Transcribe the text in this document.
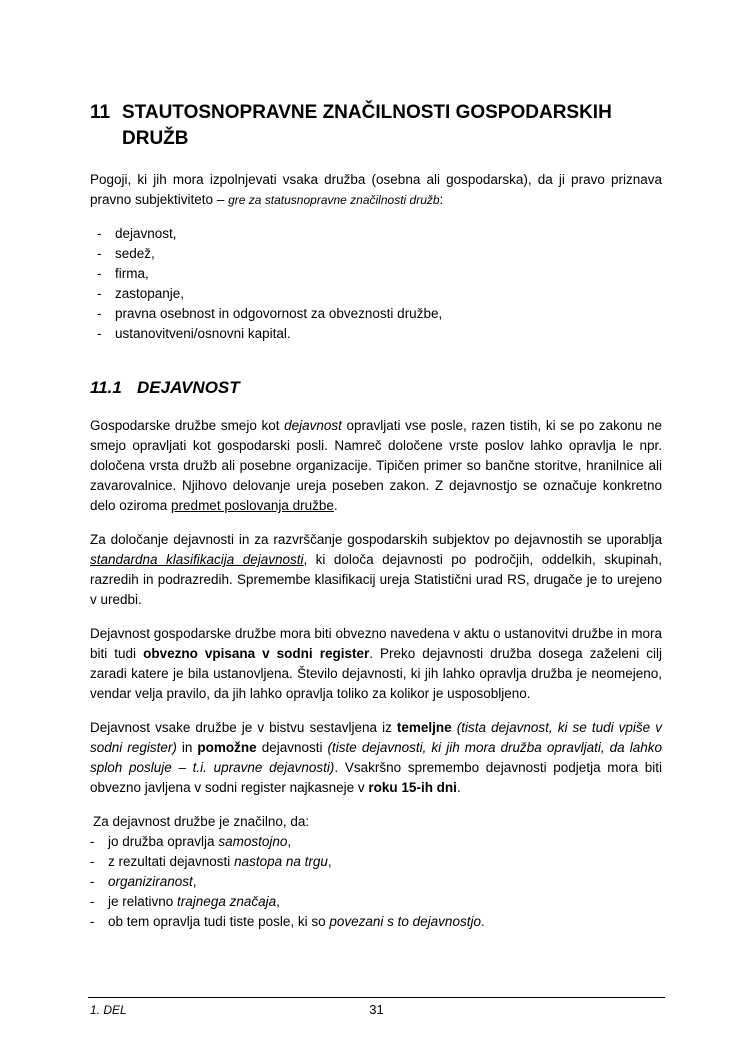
11 STAUTOSNOPRAVNE ZNAČILNOSTI GOSPODARSKIH DRUŽB
Pogoji, ki jih mora izpolnjevati vsaka družba (osebna ali gospodarska), da ji pravo priznava pravno subjektiviteto – gre za statusnopravne značilnosti družb:
-	dejavnost,
-	sedež,
-	firma,
-	zastopanje,
-	pravna osebnost in odgovornost za obveznosti družbe,
-	ustanovitveni/osnovni kapital.
11.1 DEJAVNOST
Gospodarske družbe smejo kot dejavnost opravljati vse posle, razen tistih, ki se po zakonu ne smejo opravljati kot gospodarski posli. Namreč določene vrste poslov lahko opravlja le npr. določena vrsta družb ali posebne organizacije. Tipičen primer so bančne storitve, hranilnice ali zavarovalnice. Njihovo delovanje ureja poseben zakon. Z dejavnostjo se označuje konkretno delo oziroma predmet poslovanja družbe.
Za določanje dejavnosti in za razvrščanje gospodarskih subjektov po dejavnostih se uporablja standardna klasifikacija dejavnosti, ki določa dejavnosti po področjih, oddelkih, skupinah, razredih in podrazredih. Spremembe klasifikacij ureja Statistični urad RS, drugače je to urejeno v uredbi.
Dejavnost gospodarske družbe mora biti obvezno navedena v aktu o ustanovitvi družbe in mora biti tudi obvezno vpisana v sodni register. Preko dejavnosti družba dosega zaželeni cilj zaradi katere je bila ustanovljena. Število dejavnosti, ki jih lahko opravlja družba je neomejeno, vendar velja pravilo, da jih lahko opravlja toliko za kolikor je usposobljeno.
Dejavnost vsake družbe je v bistvu sestavljena iz temeljne (tista dejavnost, ki se tudi vpiše v sodni register) in pomožne dejavnosti (tiste dejavnosti, ki jih mora družba opravljati, da lahko sploh posluje – t.i. upravne dejavnosti). Vsakršno spremembo dejavnosti podjetja mora biti obvezno javljena v sodni register najkasneje v roku 15-ih dni.
Za dejavnost družbe je značilno, da:
-	jo družba opravlja samostojno,
-	z rezultati dejavnosti nastopa na trgu,
-	organiziranost,
-	je relativno trajnega značaja,
-	ob tem opravlja tudi tiste posle, ki so povezani s to dejavnostjo.
1. DEL	31
